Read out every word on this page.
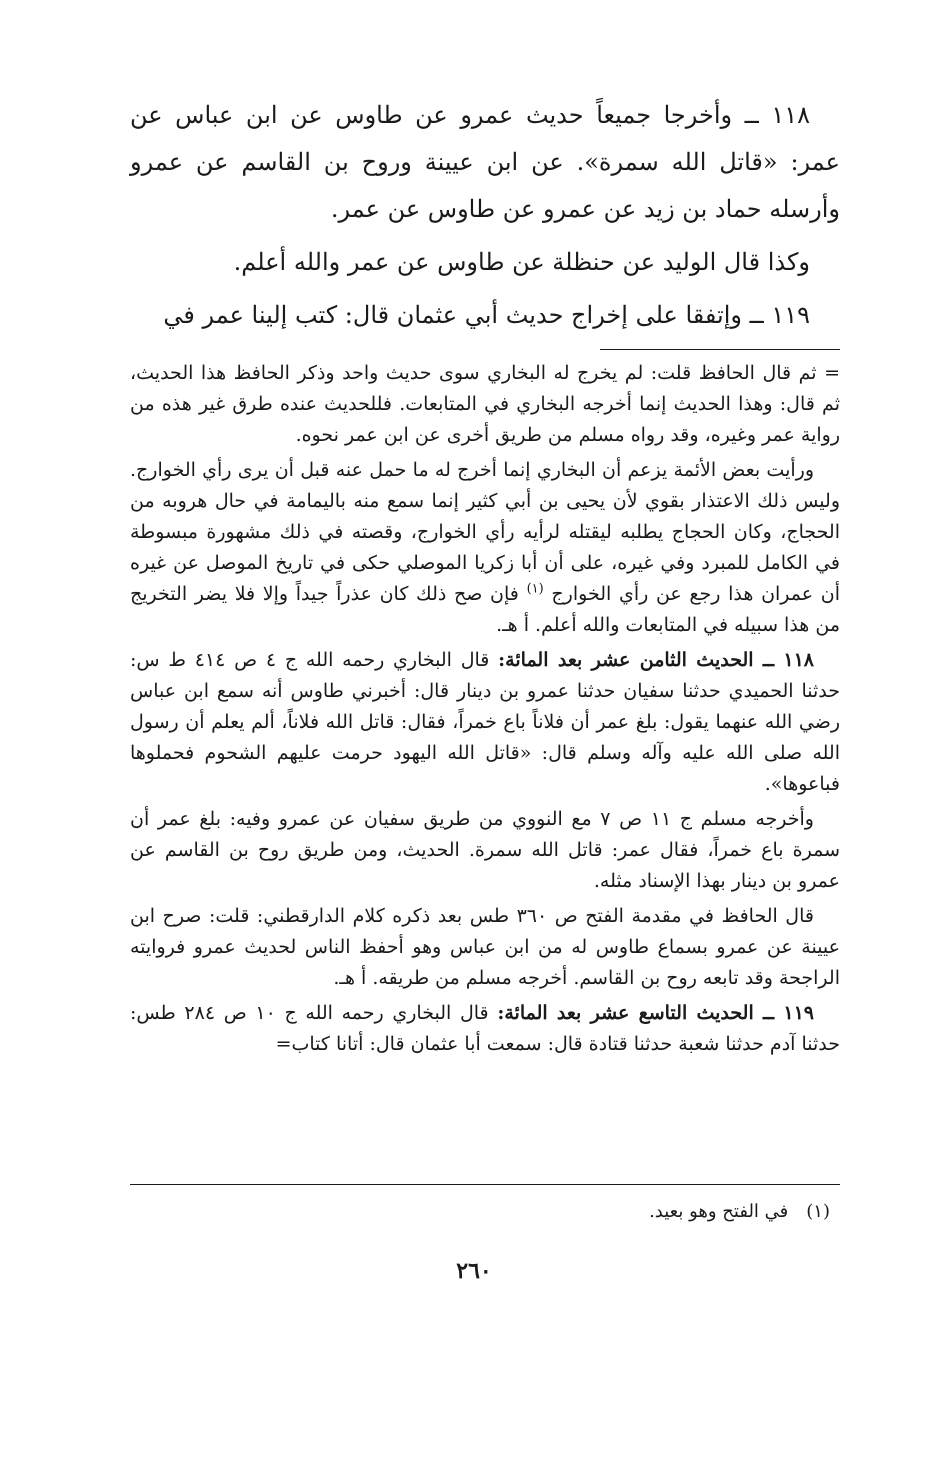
١١٨ ــ وأخرجا جميعاً حديث عمرو عن طاوس عن ابن عباس عن عمر: «قاتل الله سمرة». عن ابن عيينة وروح بن القاسم عن عمرو وأرسله حماد بن زيد عن عمرو عن طاوس عن عمر.

وكذا قال الوليد عن حنظلة عن طاوس عن عمر والله أعلم.

١١٩ ــ وإتفقا على إخراج حديث أبي عثمان قال: كتب إلينا عمر في

= ثم قال الحافظ قلت: لم يخرج له البخاري سوى حديث واحد وذكر الحافظ هذا الحديث، ثم قال: وهذا الحديث إنما أخرجه البخاري في المتابعات. فللحديث عنده طرق غير هذه من رواية عمر وغيره، وقد رواه مسلم من طريق أخرى عن ابن عمر نحوه.

ورأيت بعض الأئمة يزعم أن البخاري إنما أخرج له ما حمل عنه قبل أن يرى رأي الخوارج. وليس ذلك الاعتذار بقوي لأن يحيى بن أبي كثير إنما سمع منه باليمامة في حال هروبه من الحجاج، وكان الحجاج يطلبه ليقتله لرأيه رأي الخوارج، وقصته في ذلك مشهورة مبسوطة في الكامل للمبرد وفي غيره، على أن أبا زكريا الموصلي حكى في تاريخ الموصل عن غيره أن عمران هذا رجع عن رأي الخوارج $^{(١)}$ فإن صح ذلك كان عذراً جيداً وإلا فلا يضر التخريج من هذا سبيله في المتابعات والله أعلم. أ هـ.

١١٨ ــ الحديث الثامن عشر بعد المائة: قال البخاري رحمه الله ج ٤ ص ٤١٤ ط س: حدثنا الحميدي حدثنا سفيان حدثنا عمرو بن دينار قال: أخبرني طاوس أنه سمع ابن عباس رضي الله عنهما يقول: بلغ عمر أن فلاناً باع خمراً، فقال: قاتل الله فلاناً، ألم يعلم أن رسول الله صلى الله عليه وآله وسلم قال: «قاتل الله اليهود حرمت عليهم الشحوم فحملوها فباعوها».

وأخرجه مسلم ج ١١ ص ٧ مع النووي من طريق سفيان عن عمرو وفيه: بلغ عمر أن سمرة باع خمراً، فقال عمر: قاتل الله سمرة. الحديث، ومن طريق روح بن القاسم عن عمرو بن دينار بهذا الإسناد مثله.

قال الحافظ في مقدمة الفتح ص ٣٦٠ طس بعد ذكره كلام الدارقطني: قلت: صرح ابن عيينة عن عمرو بسماع طاوس له من ابن عباس وهو أحفظ الناس لحديث عمرو فروايته الراجحة وقد تابعه روح بن القاسم. أخرجه مسلم من طريقه. أ هـ.

١١٩ ــ الحديث التاسع عشر بعد المائة: قال البخاري رحمه الله ج ١٠ ص ٢٨٤ طس: حدثنا آدم حدثنا شعبة حدثنا قتادة قال: سمعت أبا عثمان قال: أتانا كتاب=

(١)في الفتح وهو بعيد.
٢٦٠
